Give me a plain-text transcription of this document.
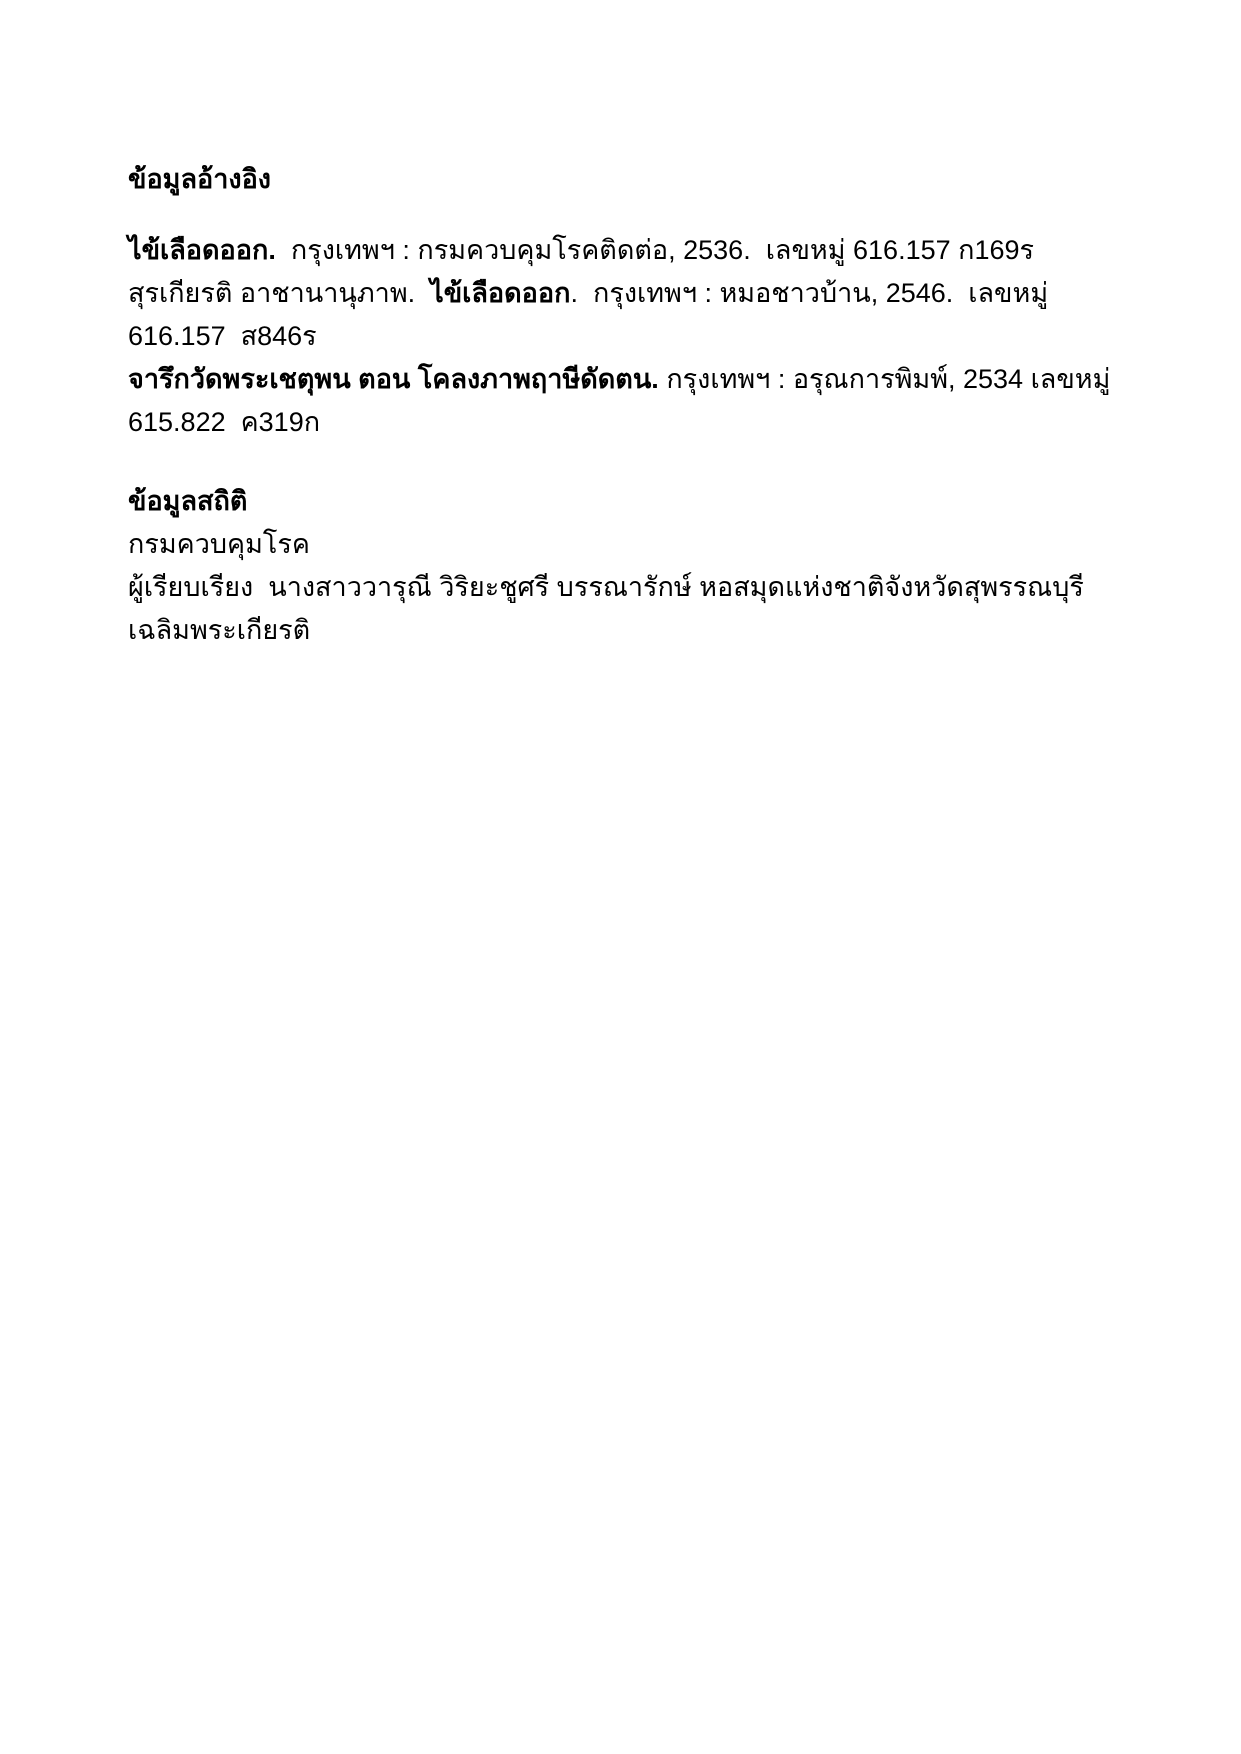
ข้อมูลอ้างอิง

ไข้เลือดออก.  กรุงเทพฯ : กรมควบคุมโรคติดต่อ, 2536.  เลขหมู่ 616.157 ก169ร

สุรเกียรติ อาชานานุภาพ.  ไข้เลือดออก.  กรุงเทพฯ : หมอชาวบ้าน, 2546.  เลขหมู่ 616.157  ส846ร

จารึกวัดพระเชตุพน ตอน โคลงภาพฤาษีดัดตน. กรุงเทพฯ : อรุณการพิมพ์, 2534 เลขหมู่ 615.822  ค319ก

ข้อมูลสถิติ

กรมควบคุมโรค

ผู้เรียบเรียง  นางสาววารุณี วิริยะชูศรี บรรณารักษ์ หอสมุดแห่งชาติจังหวัดสุพรรณบุรี เฉลิมพระเกียรติ
